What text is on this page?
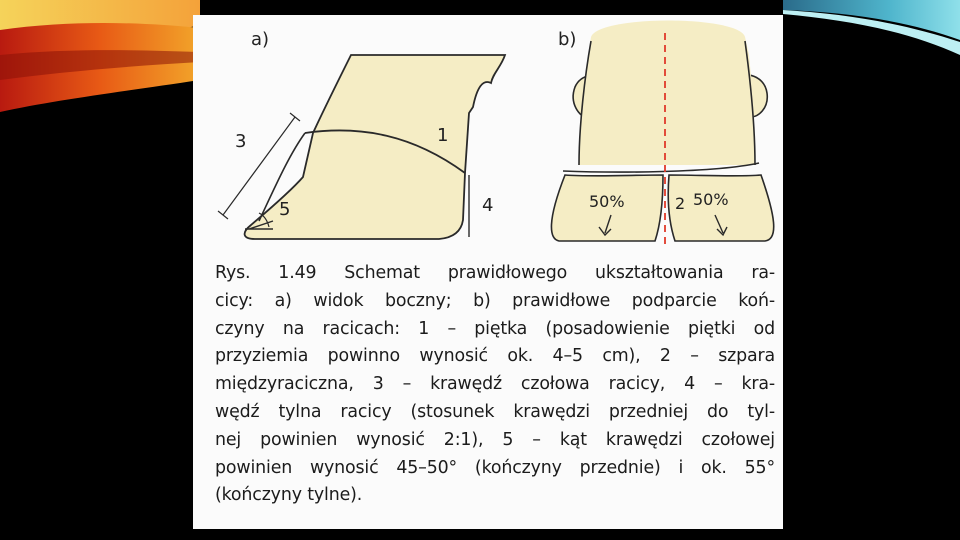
a)
3	1
4
5
b)
50%	2 50%

Rys. 1.49 Schemat prawidłowego ukształtowania ra-
cicy: a) widok boczny; b) prawidłowe podparcie koń-
czyny na racicach: 1 – piętka (posadowienie piętki od
przyziemia powinno wynosić ok. 4–5 cm), 2 – szpara
międzyraciczna, 3 – krawędź czołowa racicy, 4 – kra-
wędź tylna racicy (stosunek krawędzi przedniej do tyl-
nej powinien wynosić 2:1), 5 – kąt krawędzi czołowej
powinien wynosić 45–50° (kończyny przednie) i ok. 55°
(kończyny tylne).
